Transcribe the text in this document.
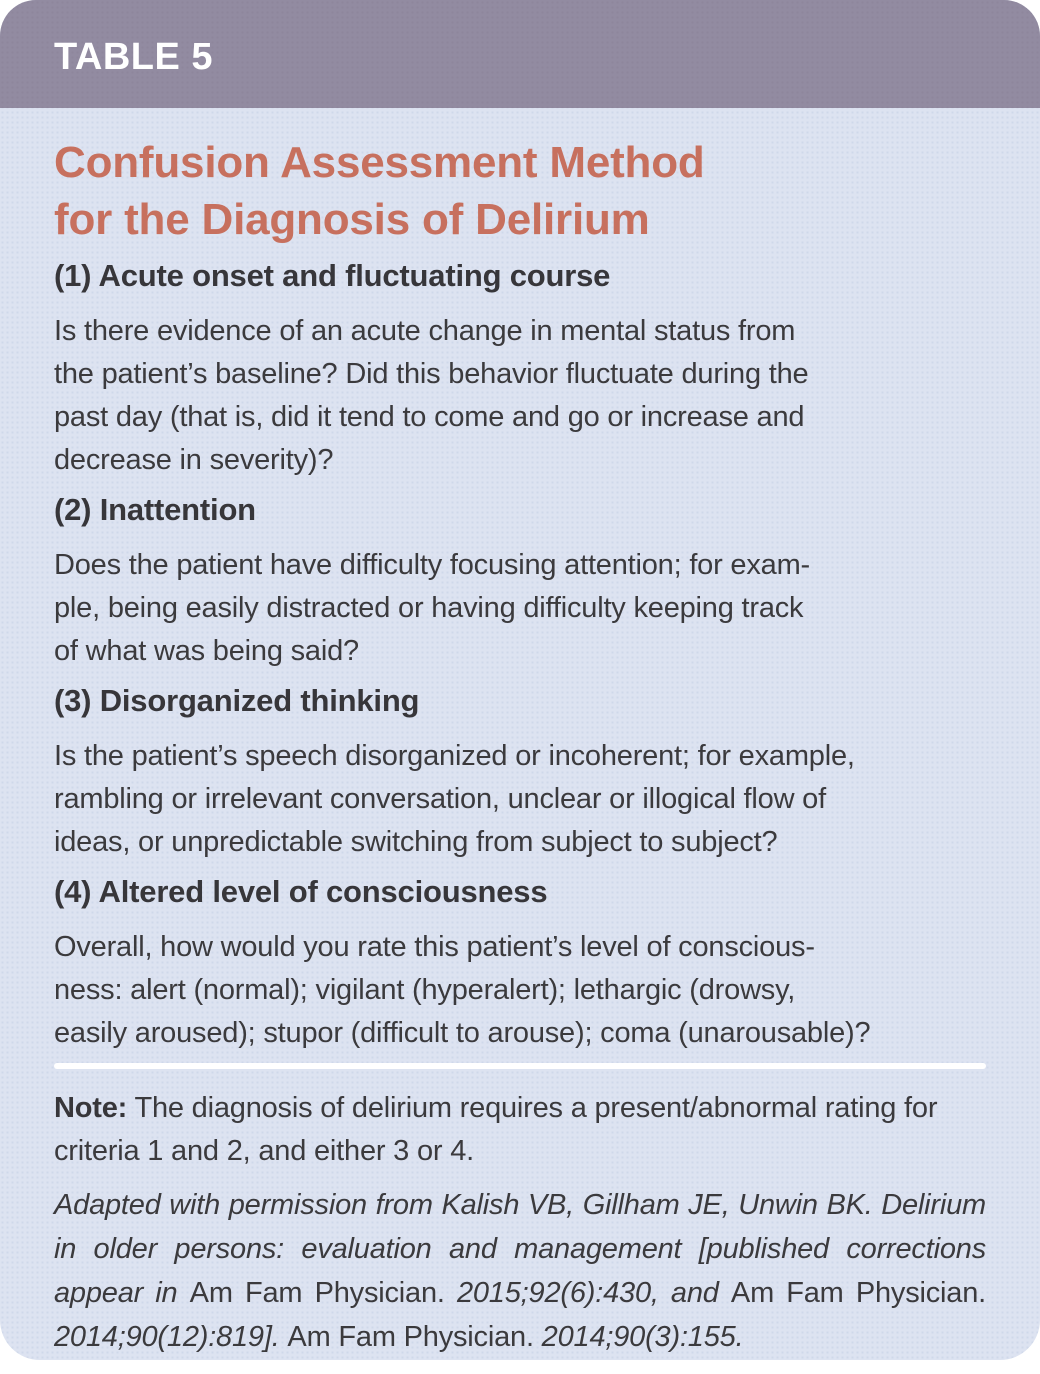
TABLE 5
Confusion Assessment Method
for the Diagnosis of Delirium
(1) Acute onset and fluctuating course

Is there evidence of an acute change in mental status from
the patient’s baseline? Did this behavior fluctuate during the
past day (that is, did it tend to come and go or increase and
decrease in severity)?

(2) Inattention

Does the patient have difficulty focusing attention; for exam-
ple, being easily distracted or having difficulty keeping track
of what was being said?

(3) Disorganized thinking

Is the patient’s speech disorganized or incoherent; for example,
rambling or irrelevant conversation, unclear or illogical flow of
ideas, or unpredictable switching from subject to subject?

(4) Altered level of consciousness

Overall, how would you rate this patient’s level of conscious-
ness: alert (normal); vigilant (hyperalert); lethargic (drowsy,
easily aroused); stupor (difficult to arouse); coma (unarousable)?

Note: The diagnosis of delirium requires a present/abnormal rating for criteria 1 and 2, and either 3 or 4.

Adapted with permission from Kalish VB, Gillham JE, Unwin BK. Delirium in older persons: evaluation and management [published corrections appear in Am Fam Physician. 2015;92(6):430, and Am Fam Physician. 2014;90(12):819]. Am Fam Physician. 2014;90(3):155.
